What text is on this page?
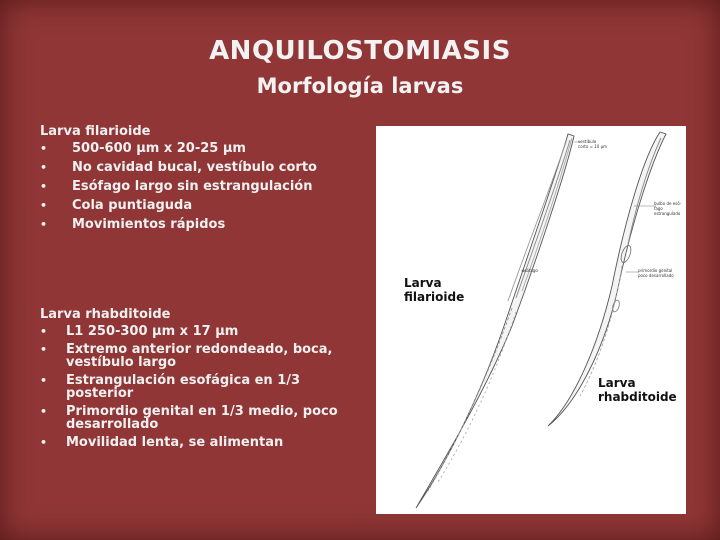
ANQUILOSTOMIASIS
Morfología larvas
Larva filarioide
• 500-600 μm x 20-25 μm
• No cavidad bucal, vestíbulo corto
• Esófago largo sin estrangulación
• Cola puntiaguda
• Movimientos rápidos
Larva rhabditoide
• L1 250-300 μm x 17 μm
• Extremo anterior redondeado, boca, vestíbulo largo
• Estrangulación esofágica en 1/3 posterior
• Primordio genital en 1/3 medio, poco desarrollado
• Movilidad lenta, se alimentan
vestíbulo
corto = 10 μm
esófago
bulbo de esó-
fago estrangulado
primordio genital
poco desarrollado
Larva filarioide
Larva rhabditoide
